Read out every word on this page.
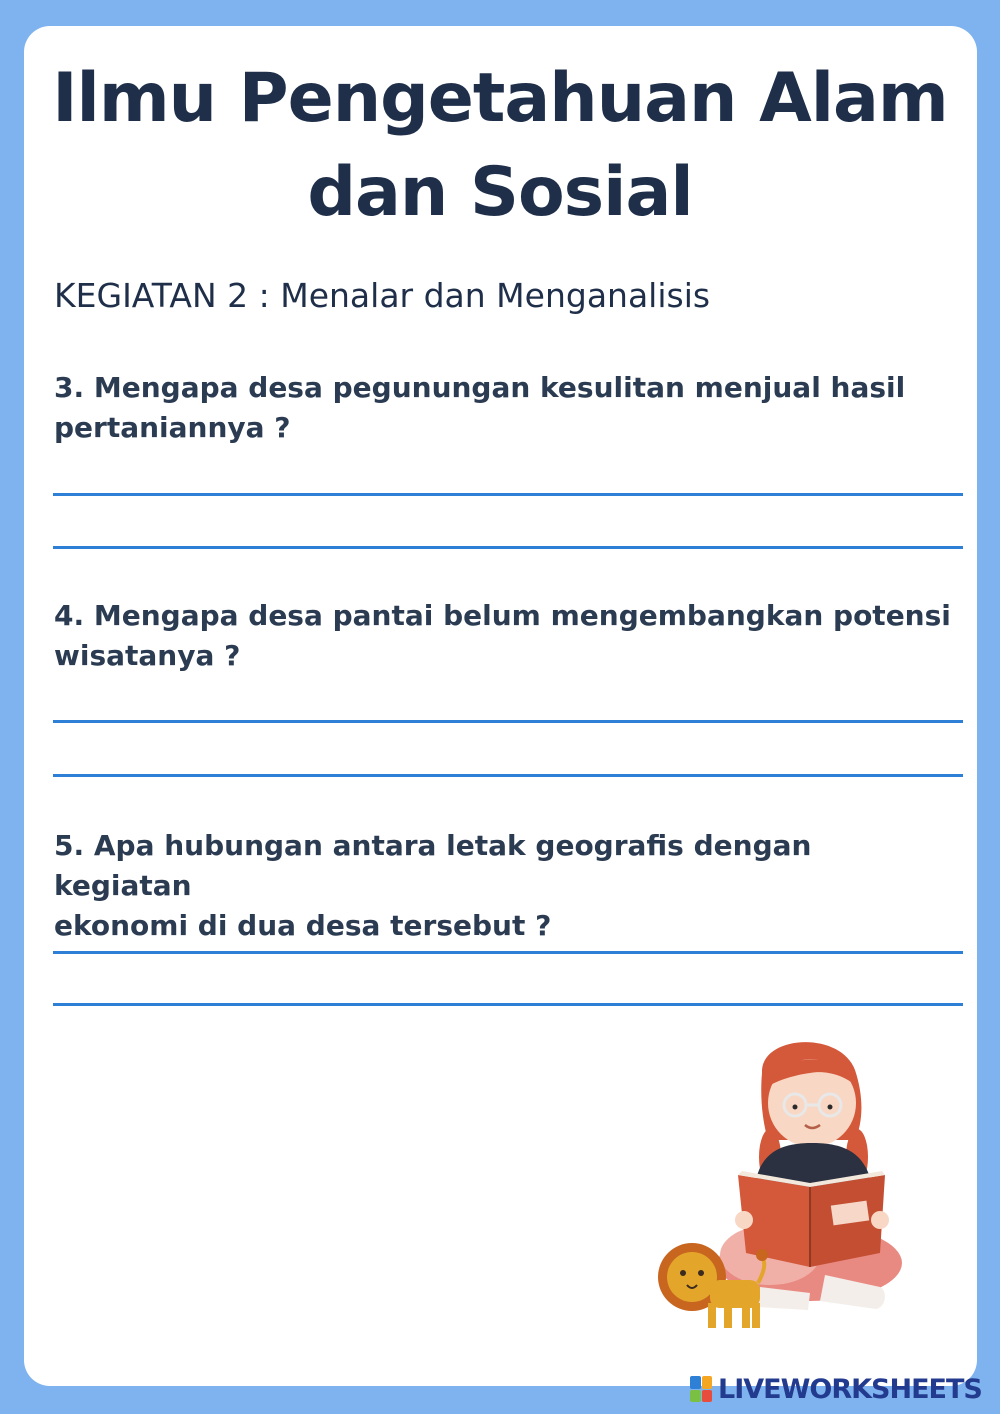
Ilmu Pengetahuan Alam
dan Sosial
KEGIATAN 2 : Menalar dan Menganalisis
3. Mengapa desa pegunungan kesulitan menjual hasil
pertaniannya ?
4. Mengapa desa pantai belum mengembangkan potensi
wisatanya ?
5. Apa hubungan antara letak geografis dengan kegiatan
ekonomi di dua desa tersebut ?
LIVEWORKSHEETS
